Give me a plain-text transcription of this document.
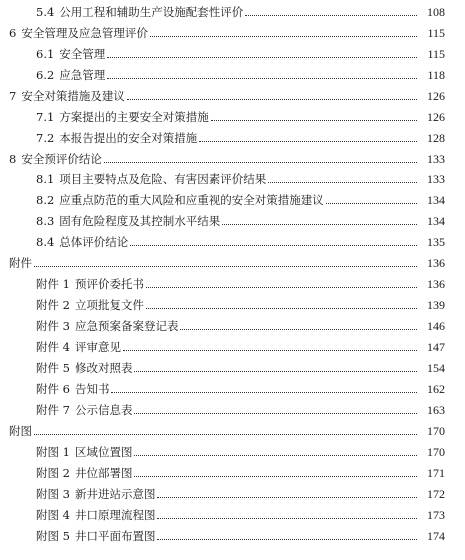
5.4 公用工程和辅助生产设施配套性评价	108
6 安全管理及应急管理评价	115
6.1 安全管理	115
6.2 应急管理	118
7 安全对策措施及建议	126
7.1 方案提出的主要安全对策措施	126
7.2 本报告提出的安全对策措施	128
8 安全预评价结论	133
8.1 项目主要特点及危险、有害因素评价结果	133
8.2 应重点防范的重大风险和应重视的安全对策措施建议	134
8.3 固有危险程度及其控制水平结果	134
8.4 总体评价结论	135
附件	136
附件 1 预评价委托书	136
附件 2 立项批复文件	139
附件 3 应急预案备案登记表	146
附件 4 评审意见	147
附件 5 修改对照表	154
附件 6 告知书	162
附件 7 公示信息表	163
附图	170
附图 1 区域位置图	170
附图 2 井位部署图	171
附图 3 新井进站示意图	172
附图 4 井口原理流程图	173
附图 5 井口平面布置图	174
